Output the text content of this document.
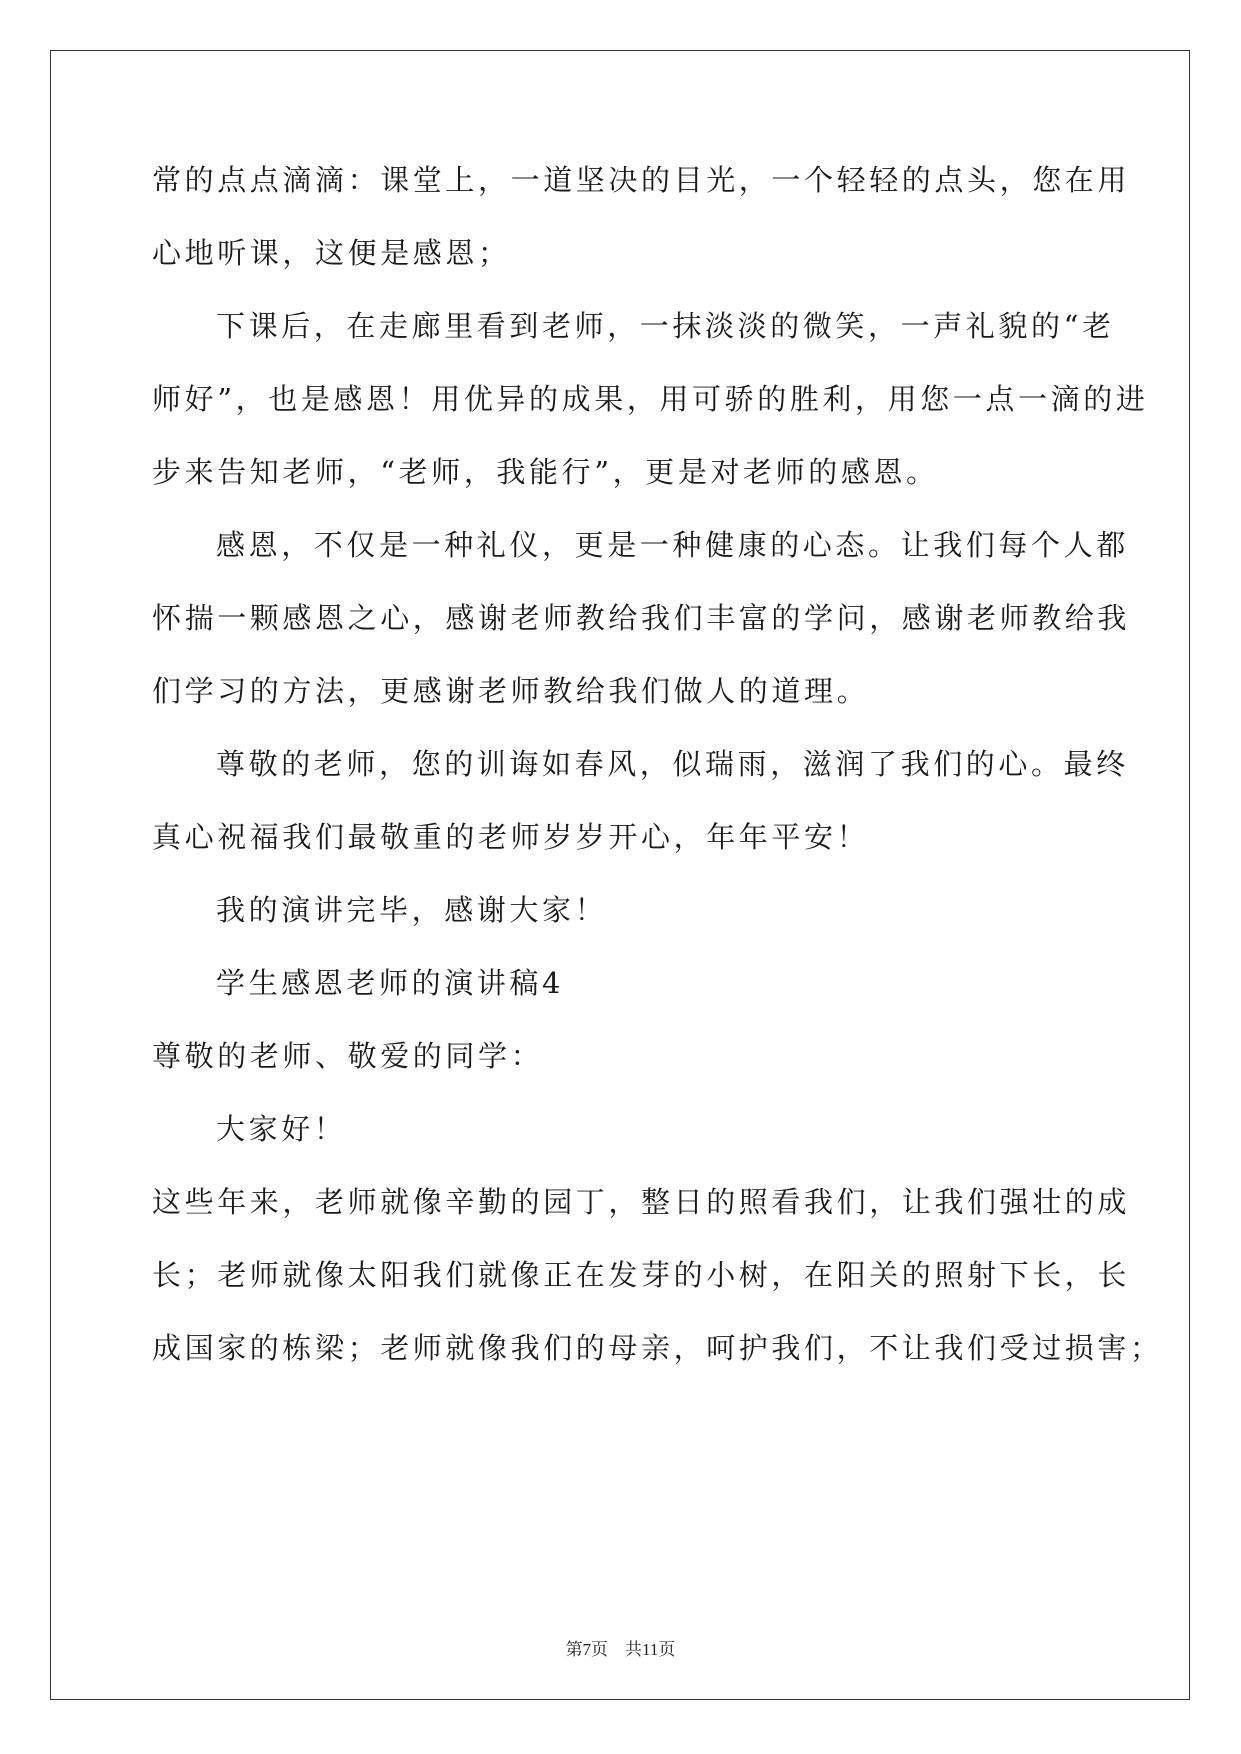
常的点点滴滴：课堂上，一道坚决的目光，一个轻轻的点头，您在用
心地听课，这便是感恩；
下课后，在走廊里看到老师，一抹淡淡的微笑，一声礼貌的“老
师好”，也是感恩！用优异的成果，用可骄的胜利，用您一点一滴的进
步来告知老师，“老师，我能行”，更是对老师的感恩。
感恩，不仅是一种礼仪，更是一种健康的心态。让我们每个人都
怀揣一颗感恩之心，感谢老师教给我们丰富的学问，感谢老师教给我
们学习的方法，更感谢老师教给我们做人的道理。
尊敬的老师，您的训诲如春风，似瑞雨，滋润了我们的心。最终
真心祝福我们最敬重的老师岁岁开心，年年平安！
我的演讲完毕，感谢大家！
学生感恩老师的演讲稿4
尊敬的老师、敬爱的同学：
大家好！
这些年来，老师就像辛勤的园丁，整日的照看我们，让我们强壮的成
长；老师就像太阳我们就像正在发芽的小树，在阳关的照射下长，长
成国家的栋梁；老师就像我们的母亲，呵护我们，不让我们受过损害；
第7页　共11页
